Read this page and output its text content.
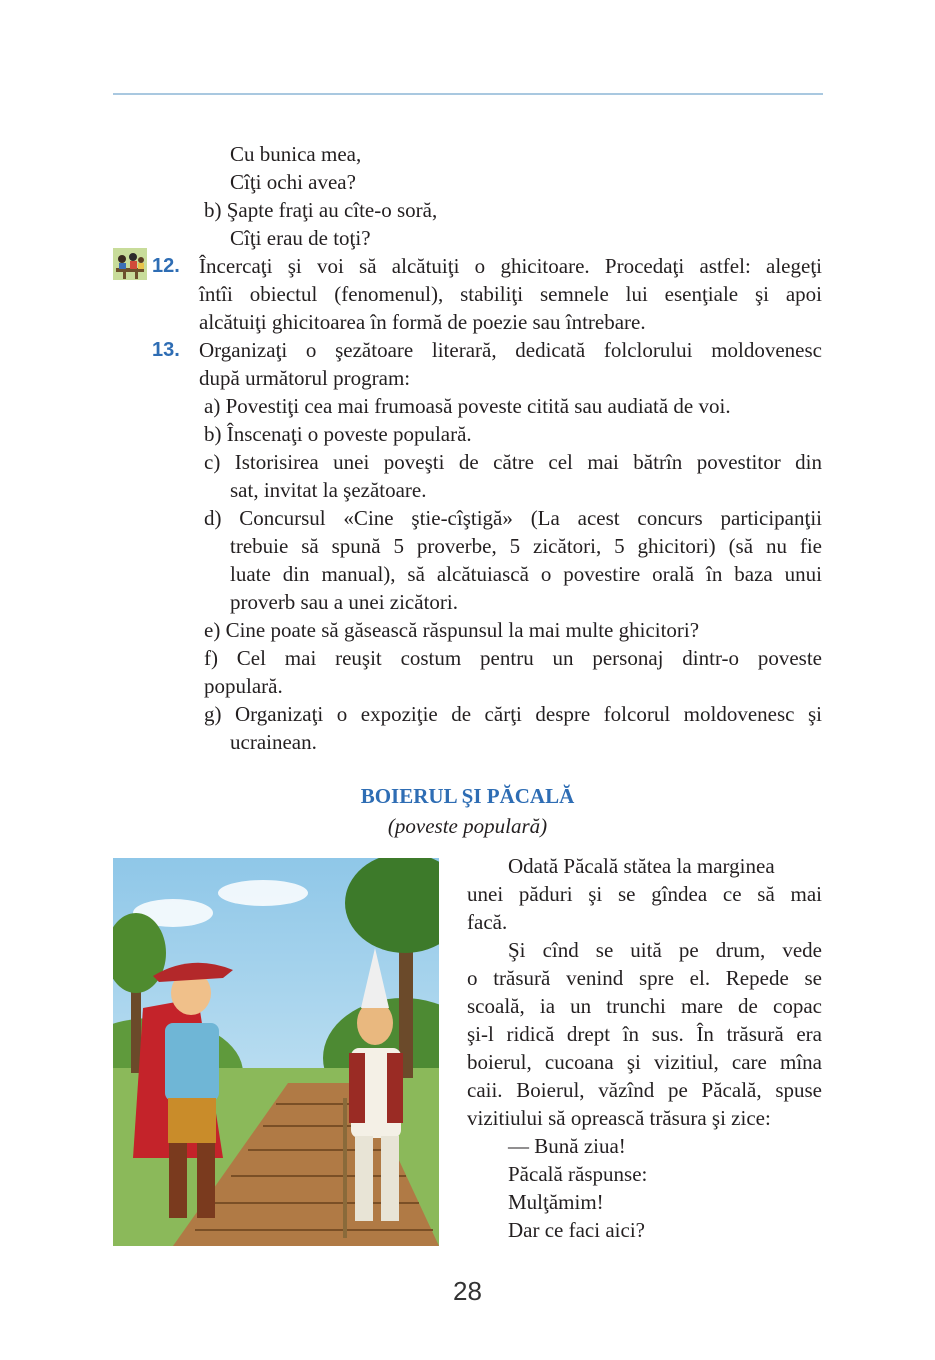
Cu bunica mea,
Cîţi ochi avea?
b) Şapte fraţi au cîte-o soră,
Cîţi erau de toţi?
12. Încercaţi şi voi să alcătuiţi o ghicitoare. Procedaţi astfel: alegeţi
întîi obiectul (fenomenul), stabiliţi semnele lui esenţiale şi apoi
alcătuiţi ghicitoarea în formă de poezie sau întrebare.
13. Organizaţi o şezătoare literară, dedicată folclorului moldovenesc
după următorul program:
a) Povestiţi cea mai frumoasă poveste citită sau audiată de voi.
b) Înscenaţi o poveste populară.
c) Istorisirea unei poveşti de către cel mai bătrîn povestitor din
sat, invitat la şezătoare.
d) Concursul «Cine ştie-cîştigă» (La acest concurs participanţii
trebuie să spună 5 proverbe, 5 zicători, 5 ghicitori) (să nu fie
luate din manual), să alcătuiască o povestire orală în baza unui
proverb sau a unei zicători.
e) Cine poate să găsească răspunsul la mai multe ghicitori?
f) Cel mai reuşit costum pentru un personaj dintr-o poveste
populară.
g) Organizaţi o expoziţie de cărţi despre folcorul moldovenesc şi
ucrainean.
BOIERUL ŞI PĂCALĂ
(poveste populară)
Odată Păcală stătea la marginea
unei păduri şi se gîndea ce să mai
facă.
Şi cînd se uită pe drum, vede
o trăsură venind spre el. Repede se
scoală, ia un trunchi mare de copac
şi-l ridică drept în sus. În trăsură era
boierul, cucoana şi vizitiul, care mîna
caii. Boierul, văzînd pe Păcală, spuse
vizitiului să oprească trăsura şi zice:
— Bună ziua!
Păcală răspunse:
Mulţămim!
Dar ce faci aici?
28
